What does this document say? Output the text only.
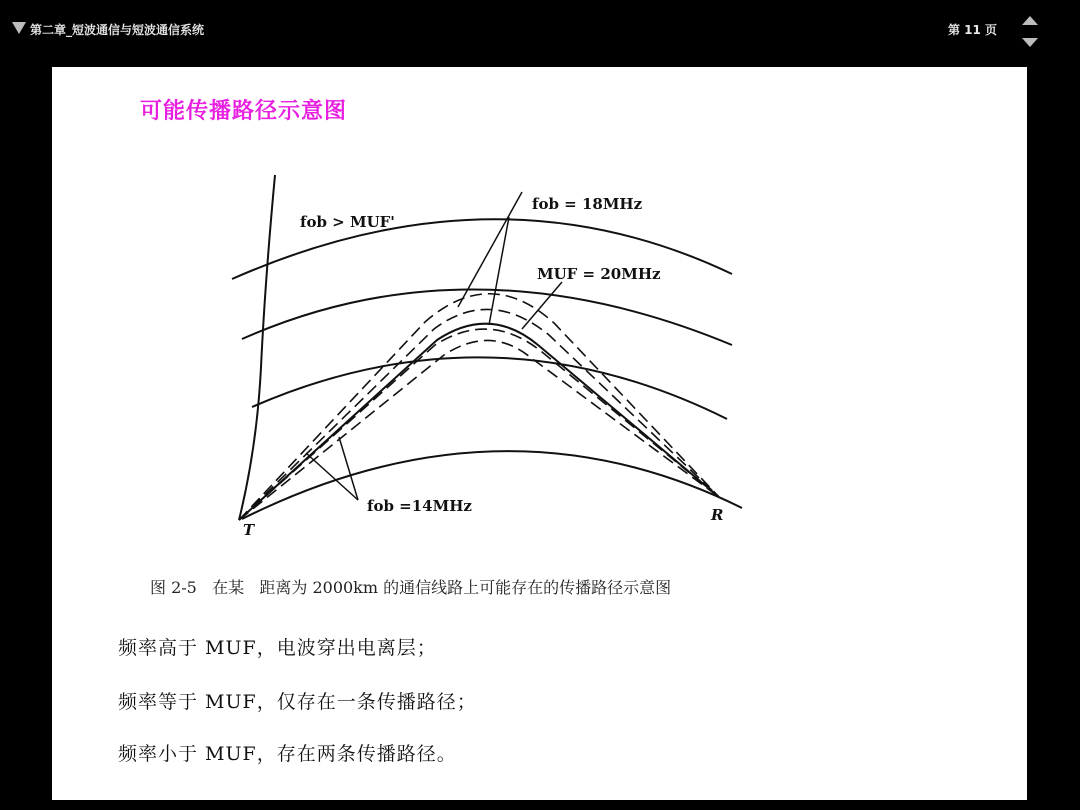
第二章_短波通信与短波通信系统	第 11 页
可能传播路径示意图
fob > MUF'
fob = 18MHz
MUF = 20MHz
fob =14MHz
T
R
图 2-5   在某   距离为 2000km 的通信线路上可能存在的传播路径示意图
频率高于 MUF，电波穿出电离层；
频率等于 MUF，仅存在一条传播路径；
频率小于 MUF，存在两条传播路径。
